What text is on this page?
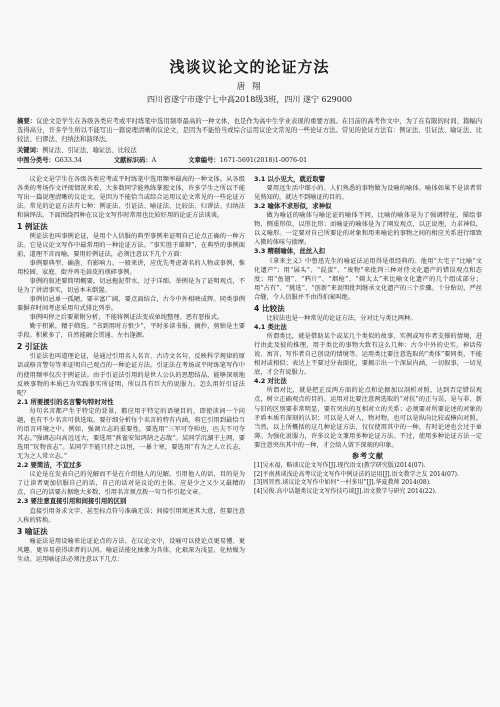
浅谈议论文的论证方法
唐 翔
四川省遂宁市遂宁七中高2018级3班，四川 遂宁 629000
摘要：议论文是学生在各级各类应考或平时练笔中选用频率最高的一种文体，也是作为高中生学业表现的重要方面。在目前的高考作文中，为了在有限的时间、篇幅内选得高分，许多学生所以不能写出一篇说理清晰的议论文，是因为不能恰当或综合运用议论文常见的一些论证方法。常见的论证方法有：例证法、引证法、喻证法、比较法、归谬法、归纳法和演绎法。
关键词：例证法、引证法、喻证法、比较法
中图分类号：G633.34	文献标识码：A	文章编号：1671-5691(2018)1-0076-01

议论文是学生在各级各类应考或平时练笔中选用频率最高的一种文体。从各级各类的考场作文评阅情况来看，大多数同学能熟练掌握文体，许多学生之所以不能写出一篇说理清晰的议论文，是因为不能恰当或综合运用议论文常见的一些论证方法。常见的论证方法有七种：例证法、引证法、喻证法、比较法、归谬法、归纳法和演绎法。下面围绕四种在议论文写作时常用也比较好用的论证方法谈谈。

1 例证法

例证法也叫事例论证，是用个人信服的典型事例来证明自己论点正确的一种方法。它是议论文写作中最常用的一种论证方法。“事实胜于雄辩”，在典型的事例面前，道理不言而喻。要用好例证法，必须注意以下几个方面：

事例要典型、确凿、有影响力。一般来讲，应优先考虑著名的人物或事例，惟用校园、家庭、街井鸡毛蒜皮的琐碎事例。

事例的叙述要简明概要，切忌拖泥带水，过于详细。举例是为了证明观点，不是为了讲清事实，切忌本末倒置。

事例切忌单一孤陋，要丰富广阔，要点面结合，古今中外相映成辉。同类事例要摒弃时间考虑采用句式排比列举。

事例叫停之后要紧附分析，不能将例证法变成单纯整理、恶有恶报式。

勤于积累，精于筛选。“书到用时方恨少”，平时多读书报、摘抄，剪贴是主要手段。积累多了，自然能融会贯通、左右逢源。

2 引证法

引证法也叫道理论证，是通过引用名人名言、古诗文名句、反映科学规律的原话或格言警句等来证明自己观点的一种论证方法。引证法在考场或平时练笔写作中的使用频率仅次于例证法。由于引证法引用的是世人公认的思想结晶，能够深刻地反映事物的本质已为实践事实所证明，所以具有巨大的说服力。怎么用好引证法呢？

2.1 所要援引的名言警句特时对性

每句名言都产生于特定的背景，都应用于特定的语境目的，即使读词一个问题，也有不少名言可供选取。要仔细分析每个名言的特有内涵，将它引用到最恰当的语言环境之中。例如，强调立志的重要性，要选用“三军可夺帅也，匹夫不可夺其志。”强调志向高远远大，要选用“燕雀安知鸿鹄之志哉”。某同学沉湖于上网，要选用“玩物丧志”。某同学不能只持之以恒，一暴十寒，要选用“有为之人立长志，无为之人常立志。”

2.2 要简洁，不宜过多

议论是在发表自己的见解而不是在介绍他人的见解。引用他人的话，目的是为了让读者更加信服自己的话，自己的话对是议论的主体。应是少之又少又最精的点，自己的话要占据绝大多数，引用名言须点拨一句当作引起文章。

2.3 要注意直接引用和间接引用的区别

直接引用务求文字、甚至标点符号准确无误；间接引用须述其大意，但要注意人称的转换。

3 喻证法

喻证法是用设喻来论证论点的方法。在议论文中，设喻可以使论点更易懂、更风趣、更容易获得读者的认同。喻证法能化抽象为具体、化艰深为浅显、化枯燥为生动。运用喻证法必须注意以下几点：

3.1 以小见大，就近取譬

要用远生活中细小的、人们熟悉的事物做为设喻的喻体。喻体如果不是读者常见熟知的，就达不到喻证的目的。

3.2 喻体不求形似，求神似

做为喻证的喻体与喻论证的喻体不同，比喻的喻体是为了强调特征，描绘事物，侧重形似，以形比形；而喻证的喻体是为了阐发观点，以正说理，力求神似，以义喻形。一定要对自己所要论的对象和用来喻论的事物之间的相应关系进行细致入微的体味与揣摩。

3.3 精剔喻体，丝丝入扣

《拿来主义》中鲁迅先生的喻证法运用得是很经典的。他用“大宅子”比喻“文化遗产”；用“孱头”、“混蛋”、“废物”来批判三种对待文化遗产的错误观点和态度；用“鱼翅”、“鸦片”、“烟枪”、“姨太太”来比喻文化遗产的几个组成部分；用“占有”、“挑选”、“创新”来说明批判继承文化遗产的三个步骤。十分贴切，严丝合缝，令人信服并不由得拍案叫绝。

4 比较法

比较法也是一种常见的论证方法，分对比与类比两种。

4.1 类比法

所谓类比，就是借助某个或某几个类似的故事、实例或写作者支撑的情境，进行由此及彼的推理，用于类比的事物大致有这么几种：古今中外的史实，神话传说、寓言，写作者自己创设的情境等。运用类比要注意选取的“类体”要同类，不能相对或相似；表达上不要过分表面化，要揭示出一个深层内涵，一切叙事，一切见底，才会有说服力。

4.2 对比法

所谓对比，就是把正反两方面的论点和论据加以剖析对照，达到否定错误观点，树立正确观点的目的。运用对比要注意两选取的“对抗”的正与误、是与非、新与旧的区别要非常明显，要有突出的互相对立的关系；必须要对所要论述的对象的矛盾本质有深刻的认识；可以是人对人，物对物，也可以是纵向比较或横向对照。当然，以上所概括的这几种论证方法，仅仅使用其中的一种，有时论述也会过于单薄。为强化说服力，许多议论文兼用多种论证方法。不过，使用多种论证方法一定要注意突出其中的一种，才会给人留下深刻的印象。

参考文献
[1]吴永福，略谈议论文写作[J].现代语文(教学研究版)2014(07).
[2]平南燕谈浅论高考议论文写作中例证法的运用[J].语文教学之友 2014(07).
[3]周晋然.谈议论文写作中如何“一村多用”[J].华夏教师 2014(08).
[4]吴俊.高中话题类议论文写作技巧谈[J].语文教学与研究 2014(22).
